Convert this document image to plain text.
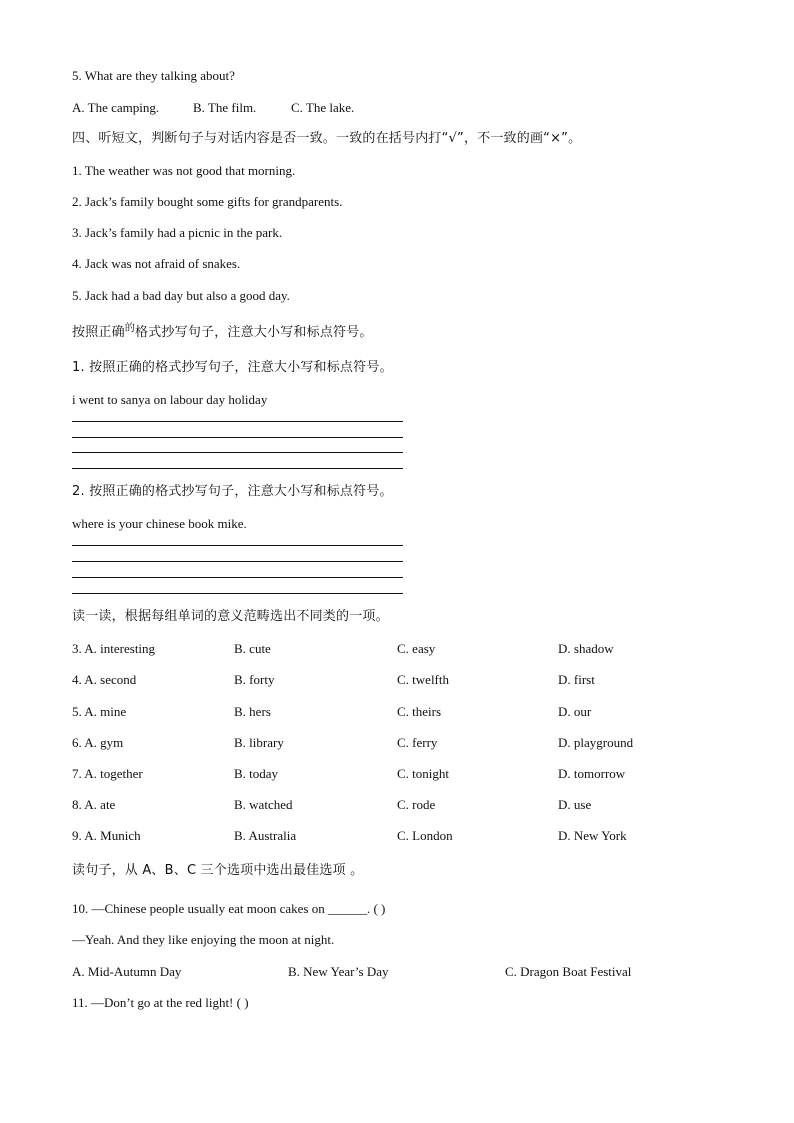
5. What are they talking about?
A. The camping.	B. The film.	C. The lake.
四、听短文，判断句子与对话内容是否一致。一致的在括号内打“√”，不一致的画“×”。
1. The weather was not good that morning.
2. Jack’s family bought some gifts for grandparents.
3. Jack’s family had a picnic in the park.
4. Jack was not afraid of snakes.
5. Jack had a bad day but also a good day.
按照正确$^的$格式抄写句子，注意大小写和标点符号。
1. 按照正确的格式抄写句子，注意大小写和标点符号。
i went to sanya on labour day holiday
2. 按照正确的格式抄写句子，注意大小写和标点符号。
where is your chinese book mike.
读一读，根据每组单词的意义范畴选出不同类的一项。
3. A. interesting	B. cute	C. easy	D. shadow
4. A. second	B. forty	C. twelfth	D. first
5. A. mine	B. hers	C. theirs	D. our
6. A. gym	B. library	C. ferry	D. playground
7. A. together	B. today	C. tonight	D. tomorrow
8. A. ate	B. watched	C. rode	D. use
9. A. Munich	B. Australia	C. London	D. New York
读句子，从 A、B、C 三个选项中选出最佳选项 。
10. —Chinese people usually eat moon cakes on ______. ( )
—Yeah. And they like enjoying the moon at night.
A. Mid-Autumn Day	B. New Year’s Day	C. Dragon Boat Festival
11. —Don’t go at the red light! ( )
